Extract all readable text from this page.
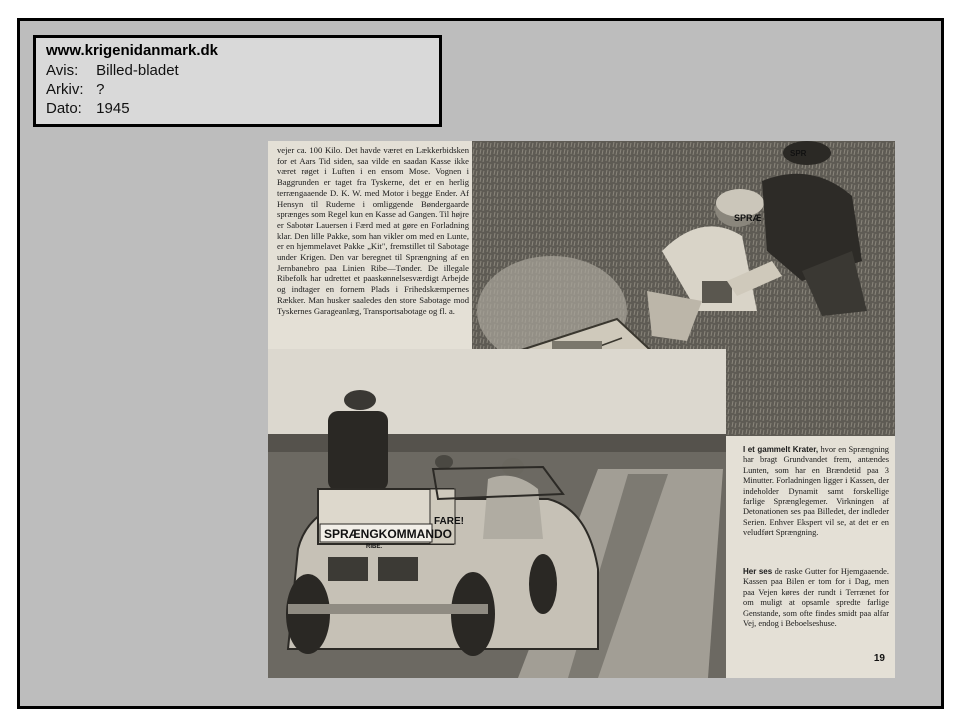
www.krigenidanmark.dk
Avis: Billed-bladet
Arkiv: ?
Dato: 1945
vejer ca. 100 Kilo. Det havde været en Lækkerbidsken for et Aars Tid siden, saa vilde en saadan Kasse ikke været røget i Luften i en ensom Mose. Vognen i Baggrunden er taget fra Tyskerne, det er en herlig terrængaaende D. K. W. med Motor i begge Ender. Af Hensyn til Ruderne i omliggende Bøndergaarde sprænges som Regel kun en Kasse ad Gangen. Til højre er Sabotør Lauersen i Færd med at gøre en Forladning klar. Den lille Pakke, som han vikler om med en Lunte, er en hjemmelavet Pakke „Kit", fremstillet til Sabotage under Krigen. Den var beregnet til Sprængning af en Jernbanebro paa Linien Ribe—Tønder. De illegale Ribefolk har udrettet et paaskønnelsesværdigt Arbejde og indtager en fornem Plads i Frihedskæmpernes Rækker. Man husker saaledes den store Sabotage mod Tyskernes Garageanlæg, Transportsabotage og fl. a.
SPRÆ
SPR
FARE!
SPRÆNGKOMMANDO
RIBE.
I et gammelt Krater, hvor en Sprængning har bragt Grundvandet frem, antændes Lunten, som har en Brændetid paa 3 Minutter. Forladningen ligger i Kassen, der indeholder Dynamit samt forskellige farlige Sprænglegemer. Virkningen af Detonationen ses paa Billedet, der indleder Serien. Enhver Ekspert vil se, at det er en veludført Sprængning.
Her ses de raske Gutter for Hjemgaaende. Kassen paa Bilen er tom for i Dag, men paa Vejen køres der rundt i Terrænet for om muligt at opsamle spredte farlige Genstande, som ofte findes smidt paa alfar Vej, endog i Beboelseshuse.
19
